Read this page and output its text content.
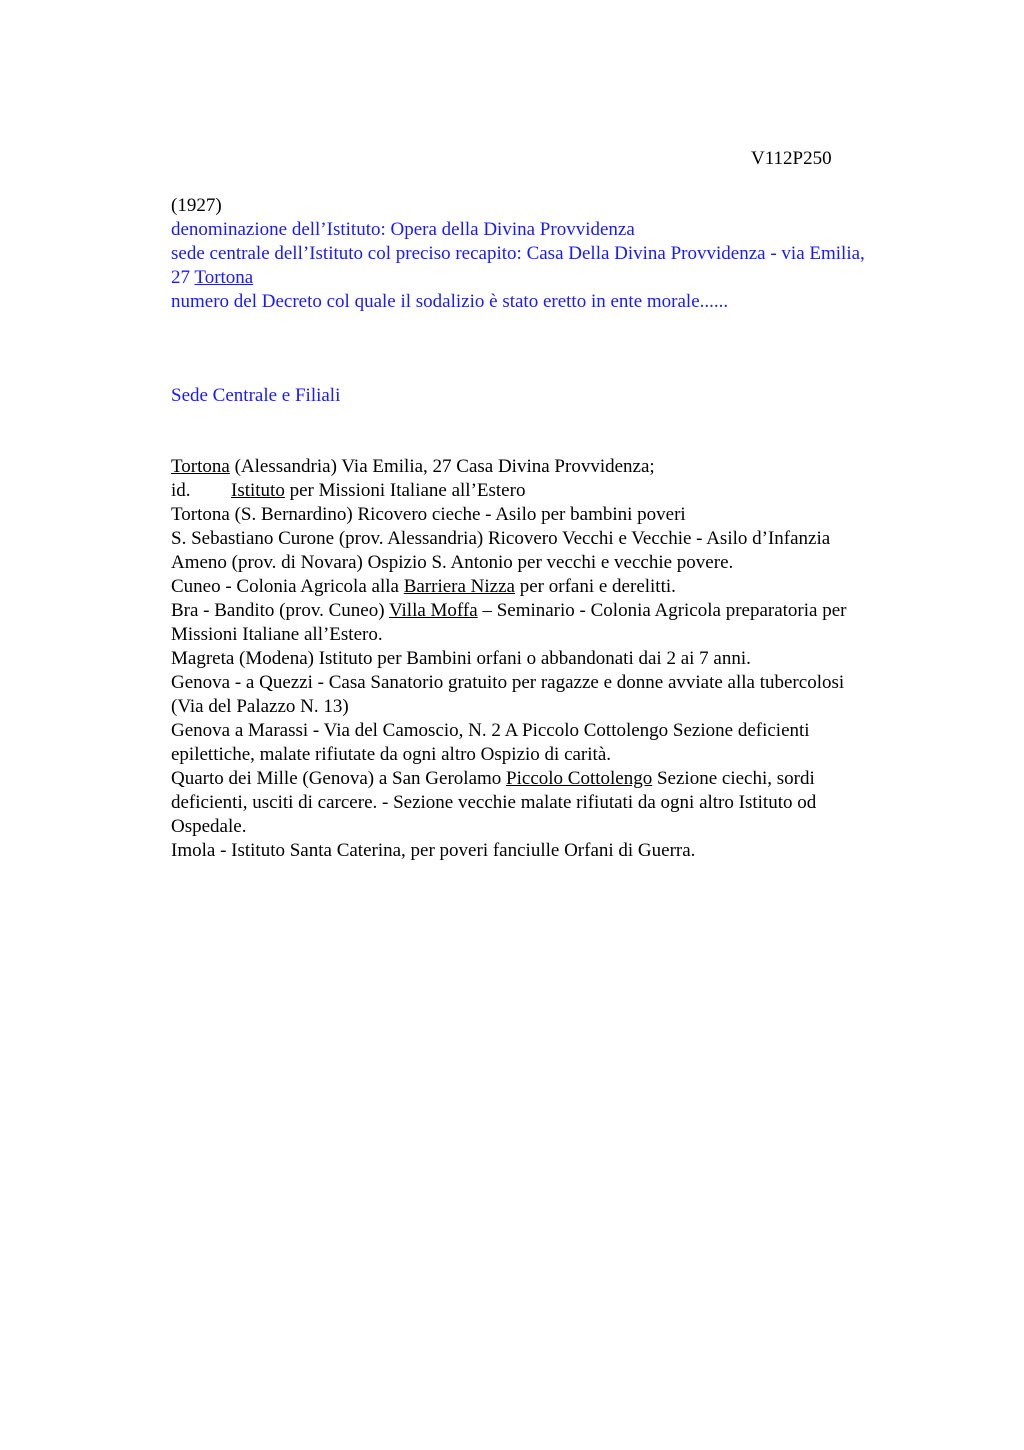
V112P250
(1927)
denominazione dell’Istituto: Opera della Divina Provvidenza
sede centrale dell’Istituto col preciso recapito: Casa Della Divina Provvidenza - via Emilia,
27 Tortona
numero del Decreto col quale il sodalizio è stato eretto in ente morale......
Sede Centrale e Filiali
Tortona (Alessandria) Via Emilia, 27 Casa Divina Provvidenza;
id. Istituto per Missioni Italiane all’Estero
Tortona (S. Bernardino) Ricovero cieche - Asilo per bambini poveri
S. Sebastiano Curone (prov. Alessandria) Ricovero Vecchi e Vecchie - Asilo d’Infanzia
Ameno (prov. di Novara) Ospizio S. Antonio per vecchi e vecchie povere.
Cuneo - Colonia Agricola alla Barriera Nizza per orfani e derelitti.
Bra - Bandito (prov. Cuneo) Villa Moffa – Seminario - Colonia Agricola preparatoria per
Missioni Italiane all’Estero.
Magreta (Modena) Istituto per Bambini orfani o abbandonati dai 2 ai 7 anni.
Genova - a Quezzi - Casa Sanatorio gratuito per ragazze e donne avviate alla tubercolosi
(Via del Palazzo N. 13)
Genova a Marassi - Via del Camoscio, N. 2 A Piccolo Cottolengo Sezione deficienti
epilettiche, malate rifiutate da ogni altro Ospizio di carità.
Quarto dei Mille (Genova) a San Gerolamo Piccolo Cottolengo Sezione ciechi, sordi
deficienti, usciti di carcere. - Sezione vecchie malate rifiutati da ogni altro Istituto od
Ospedale.
Imola - Istituto Santa Caterina, per poveri fanciulle Orfani di Guerra.
